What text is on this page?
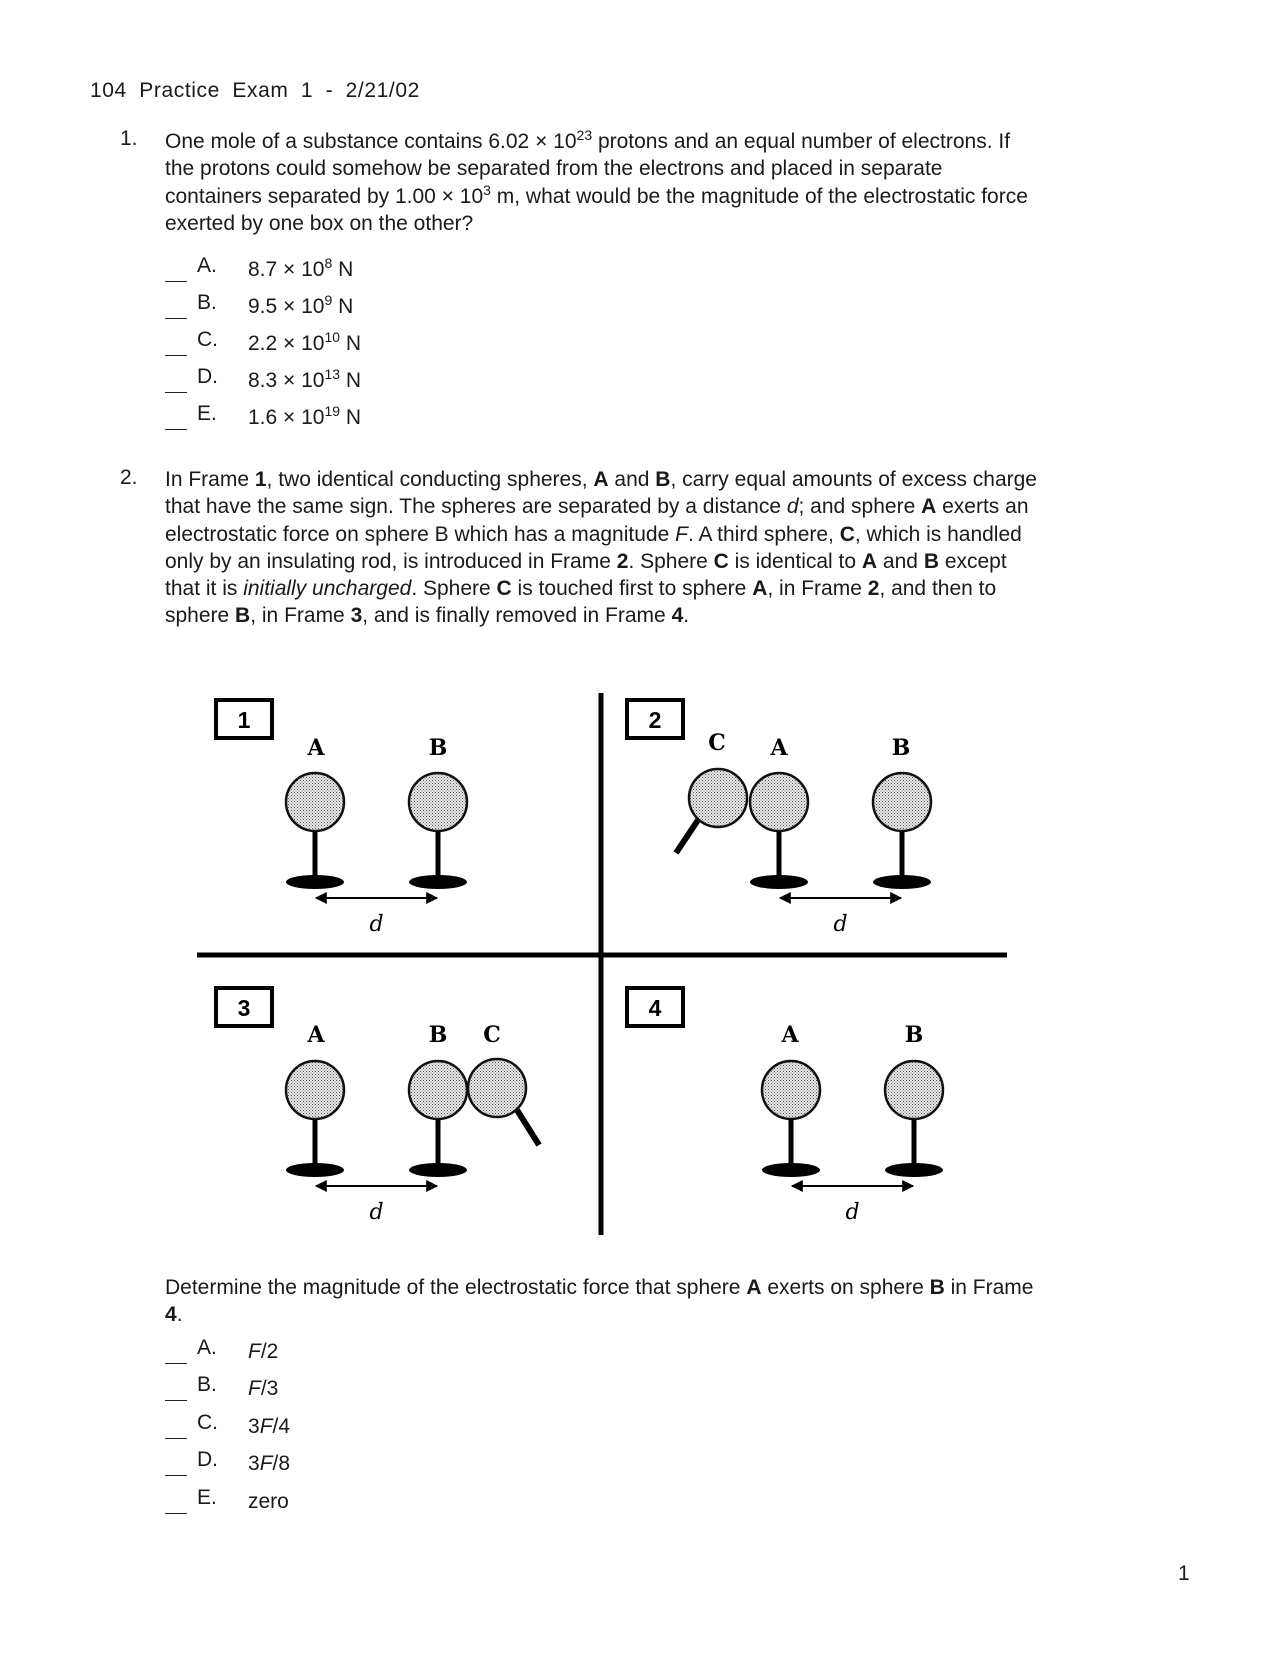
104 Practice Exam 1 - 2/21/02
1. One mole of a substance contains $6.02 \times 10^{23}$ protons and an equal number of electrons. If the protons could somehow be separated from the electrons and placed in separate containers separated by $1.00 \times 10^3$ m, what would be the magnitude of the electrostatic force exerted by one box on the other?
A. $8.7 \times 10^8$ N
B. $9.5 \times 10^9$ N
C. $2.2 \times 10^{10}$ N
D. $8.3 \times 10^{13}$ N
E. $1.6 \times 10^{19}$ N
2. In Frame 1, two identical conducting spheres, A and B, carry equal amounts of excess charge that have the same sign. The spheres are separated by a distance d; and sphere A exerts an electrostatic force on sphere B which has a magnitude F. A third sphere, C, which is handled only by an insulating rod, is introduced in Frame 2. Sphere C is identical to A and B except that it is initially uncharged. Sphere C is touched first to sphere A, in Frame 2, and then to sphere B, in Frame 3, and is finally removed in Frame 4.
1
A	B
d
2
C A	B
d
3
A	B C
d
4
A	B
d
Determine the magnitude of the electrostatic force that sphere A exerts on sphere B in Frame 4.
A. F/2
B. F/3
C. 3F/4
D. 3F/8
E. zero
1
